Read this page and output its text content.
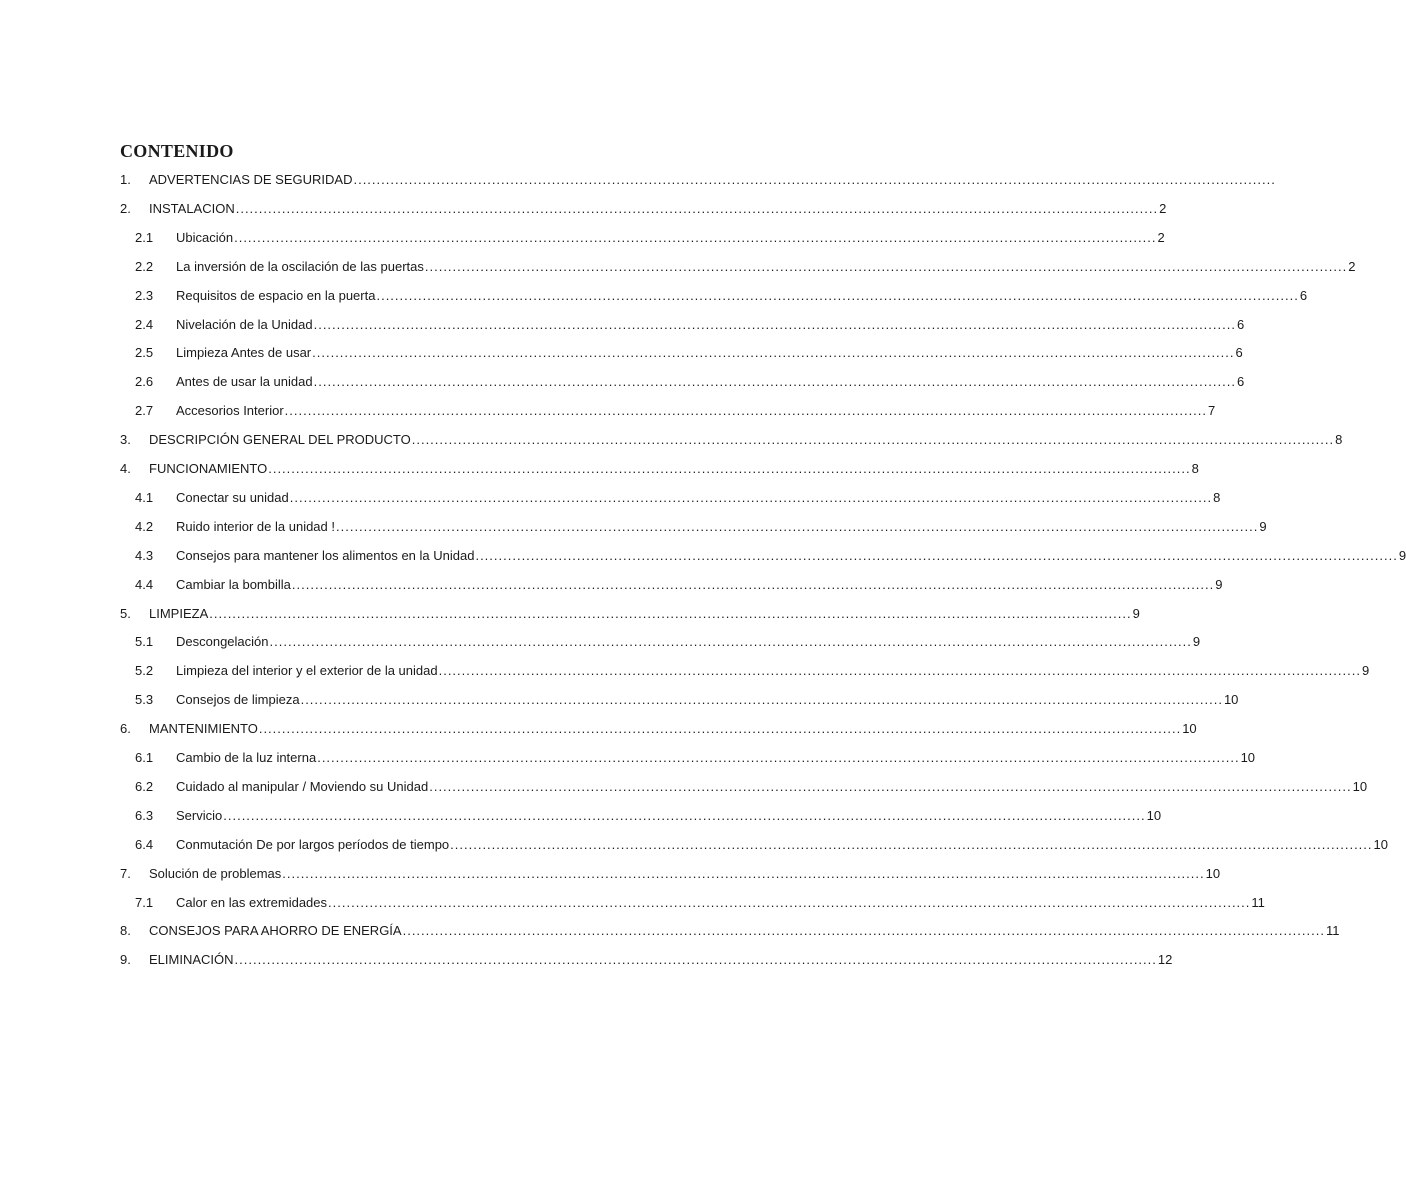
CONTENIDO
1.	ADVERTENCIAS DE SEGURIDAD ........................................................................................................................................................................................................
2.	INSTALACION ........................................................................................................................................................................................................ 2
2.1	Ubicación ........................................................................................................................................................................................................ 2
2.2	La inversión de la oscilación de las puertas ........................................................................................................................................................................................................ 2
2.3	Requisitos de espacio en la puerta ........................................................................................................................................................................................................ 6
2.4	Nivelación de la Unidad ........................................................................................................................................................................................................ 6
2.5	Limpieza Antes de usar ........................................................................................................................................................................................................ 6
2.6	Antes de usar la unidad ........................................................................................................................................................................................................ 6
2.7	Accesorios Interior ........................................................................................................................................................................................................ 7
3.	DESCRIPCIÓN GENERAL DEL PRODUCTO ........................................................................................................................................................................................................ 8
4.	FUNCIONAMIENTO ........................................................................................................................................................................................................ 8
4.1	Conectar su unidad ........................................................................................................................................................................................................ 8
4.2	Ruido interior de la unidad ! ........................................................................................................................................................................................................ 9
4.3	Consejos para mantener los alimentos en la Unidad ........................................................................................................................................................................................................ 9
4.4	Cambiar la bombilla ........................................................................................................................................................................................................ 9
5.	LIMPIEZA ........................................................................................................................................................................................................ 9
5.1	Descongelación ........................................................................................................................................................................................................ 9
5.2	Limpieza del interior y el exterior de la unidad ........................................................................................................................................................................................................ 9
5.3	Consejos de limpieza ........................................................................................................................................................................................................ 10
6.	MANTENIMIENTO ........................................................................................................................................................................................................ 10
6.1	Cambio de la luz interna ........................................................................................................................................................................................................ 10
6.2	Cuidado al manipular / Moviendo su Unidad ........................................................................................................................................................................................................ 10
6.3	Servicio ........................................................................................................................................................................................................ 10
6.4	Conmutación De por largos períodos de tiempo ........................................................................................................................................................................................................ 10
7.	Solución de problemas ........................................................................................................................................................................................................ 10
7.1	Calor en las extremidades ........................................................................................................................................................................................................ 11
8.	CONSEJOS PARA AHORRO DE ENERGÍA ........................................................................................................................................................................................................ 11
9.	ELIMINACIÓN ........................................................................................................................................................................................................ 12
